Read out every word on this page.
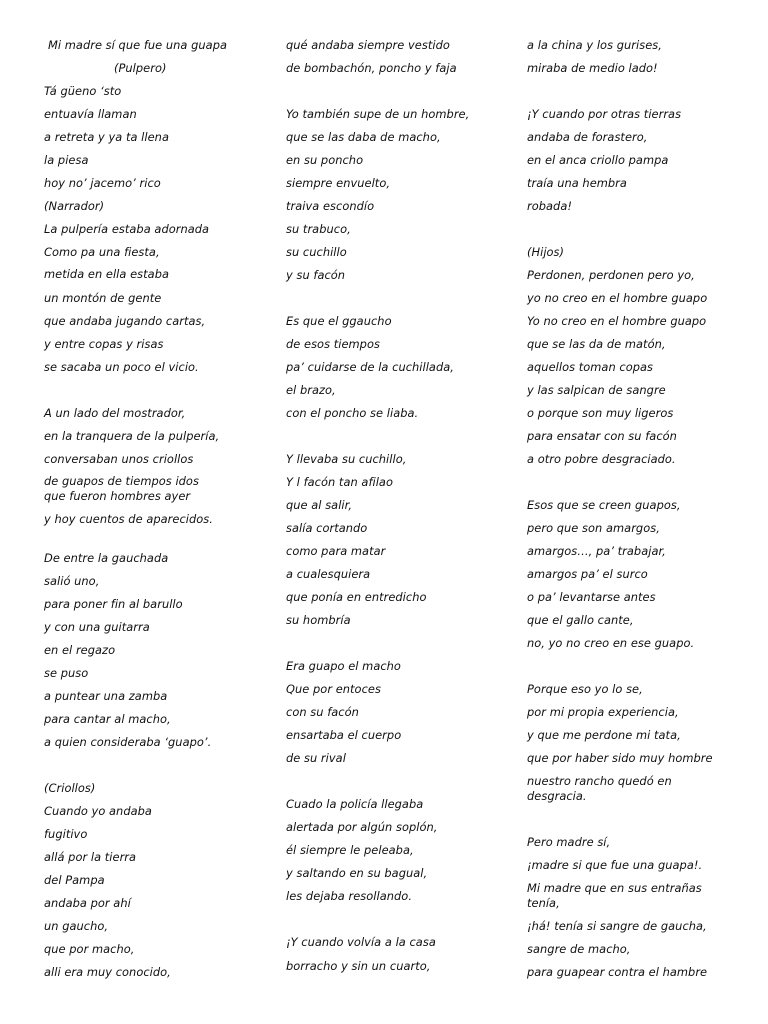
Mi madre sí que fue una guapa
(Pulpero)
Tá güeno ‘sto
entuavía llaman
a retreta y ya ta llena
la piesa
hoy no’ jacemo’ rico
(Narrador)
La pulpería estaba adornada
Como pa una fiesta,
metida en ella estaba
un montón de gente
que andaba jugando cartas,
y entre copas y risas
se sacaba un poco el vicio.
A un lado del mostrador,
en la tranquera de la pulpería,
conversaban unos criollos
de guapos de tiempos idos
que fueron hombres ayer
y hoy cuentos de aparecidos.
De entre la gauchada
salió uno,
para poner fin al barullo
y con una guitarra
en el regazo
se puso
a puntear una zamba
para cantar al macho,
a quien consideraba ‘guapo’.
(Criollos)
Cuando yo andaba
fugitivo
allá por la tierra
del Pampa
andaba por ahí
un gaucho,
que por macho,
alli era muy conocido,
qué andaba siempre vestido
de bombachón, poncho y faja
Yo también supe de un hombre,
que se las daba de macho,
en su poncho
siempre envuelto,
traiva escondío
su trabuco,
su cuchillo
y su facón
Es que el ggaucho
de esos tiempos
pa’ cuidarse de la cuchillada,
el brazo,
con el poncho se liaba.
Y llevaba su cuchillo,
Y l facón tan afilao
que al salir,
salía cortando
como para matar
a cualesquiera
que ponía en entredicho
su hombría
Era guapo el macho
Que por entoces
con su facón
ensartaba el cuerpo
de su rival
Cuado la policía llegaba
alertada por algún soplón,
él siempre le peleaba,
y saltando en su bagual,
les dejaba resollando.
¡Y cuando volvía a la casa
borracho y sin un cuarto,
a la china y los gurises,
miraba de medio lado!
¡Y cuando por otras tierras
andaba de forastero,
en el anca criollo pampa
traía una hembra
robada!
(Hijos)
Perdonen, perdonen pero yo,
yo no creo en el hombre guapo
Yo no creo en el hombre guapo
que se las da de matón,
aquellos toman copas
y las salpican de sangre
o porque son muy ligeros
para ensatar con su facón
a otro pobre desgraciado.
Esos que se creen guapos,
pero que son amargos,
amargos…, pa’ trabajar,
amargos pa’ el surco
o pa’ levantarse antes
que el gallo cante,
no, yo no creo en ese guapo.
Porque eso yo lo se,
por mi propia experiencia,
y que me perdone mi tata,
que por haber sido muy hombre
nuestro rancho quedó en desgracia.
Pero madre sí,
¡madre si que fue una guapa!.
Mi madre que en sus entrañas tenía,
¡há! tenía si sangre de gaucha,
sangre de macho,
para guapear contra el hambre
